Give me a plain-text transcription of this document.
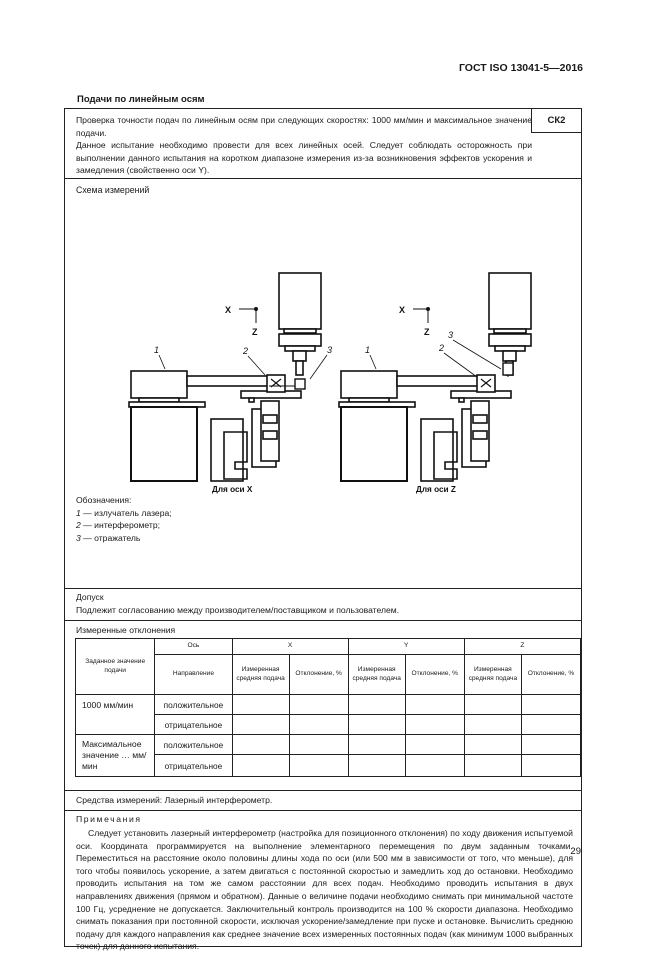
ГОСТ ISO 13041-5—2016
Подачи по линейным осям
Проверка точности подач по линейным осям при следующих скоростях: 1000 мм/мин и максимальное значение подачи.
Данное испытание необходимо провести для всех линейных осей. Следует соблюдать осторожность при выполнении данного испытания на коротком диапазоне измерения из-за возникновения эффектов ускорения и замедления (свойственно оси Y).
СК2
Схема измерений
X
Z
1	2	3
Для оси X
X
Z
1
3
2
Для оси Z
Обозначения:
1 — излучатель лазера;
2 — интерферометр;
3 — отражатель
Допуск
Подлежит согласованию между производителем/поставщиком и пользователем.
Измеренные отклонения
Заданное значение подачи	Ось	X		Y		Z	
	Направление	Измеренная средняя подача	Отклонение, %	Измеренная средняя подача	Отклонение, %	Измеренная средняя подача	Отклонение, %
1000 мм/мин	положительное						
	отрицательное						
Максимальное значение … мм/мин	положительное						
	отрицательное						
Средства измерений: Лазерный интерферометр.
Примечания
Следует установить лазерный интерферометр (настройка для позиционного отклонения) по ходу движения испытуемой оси. Координата программируется на выполнение элементарного перемещения по двум заданным точками. Переместиться на расстояние около половины длины хода по оси (или 500 мм в зависимости от того, что меньше), для того чтобы появилось ускорение, а затем двигаться с постоянной скоростью и замедлить ход до остановки. Необходимо проводить испытания на том же самом расстоянии для всех подач. Необходимо проводить испытания в двух направлениях движения (прямом и обратном). Данные о величине подачи необходимо снимать при минимальной частоте 100 Гц, усреднение не допускается. Заключительный контроль производится на 100 % скорости диапазона. Необходимо снимать показания при постоянной скорости, исключая ускорение/замедление при пуске и остановке. Вычислить среднюю подачу для каждого направления как среднее значение всех измеренных постоянных подач (как минимум 1000 выбранных точек) для данного испытания.
29
